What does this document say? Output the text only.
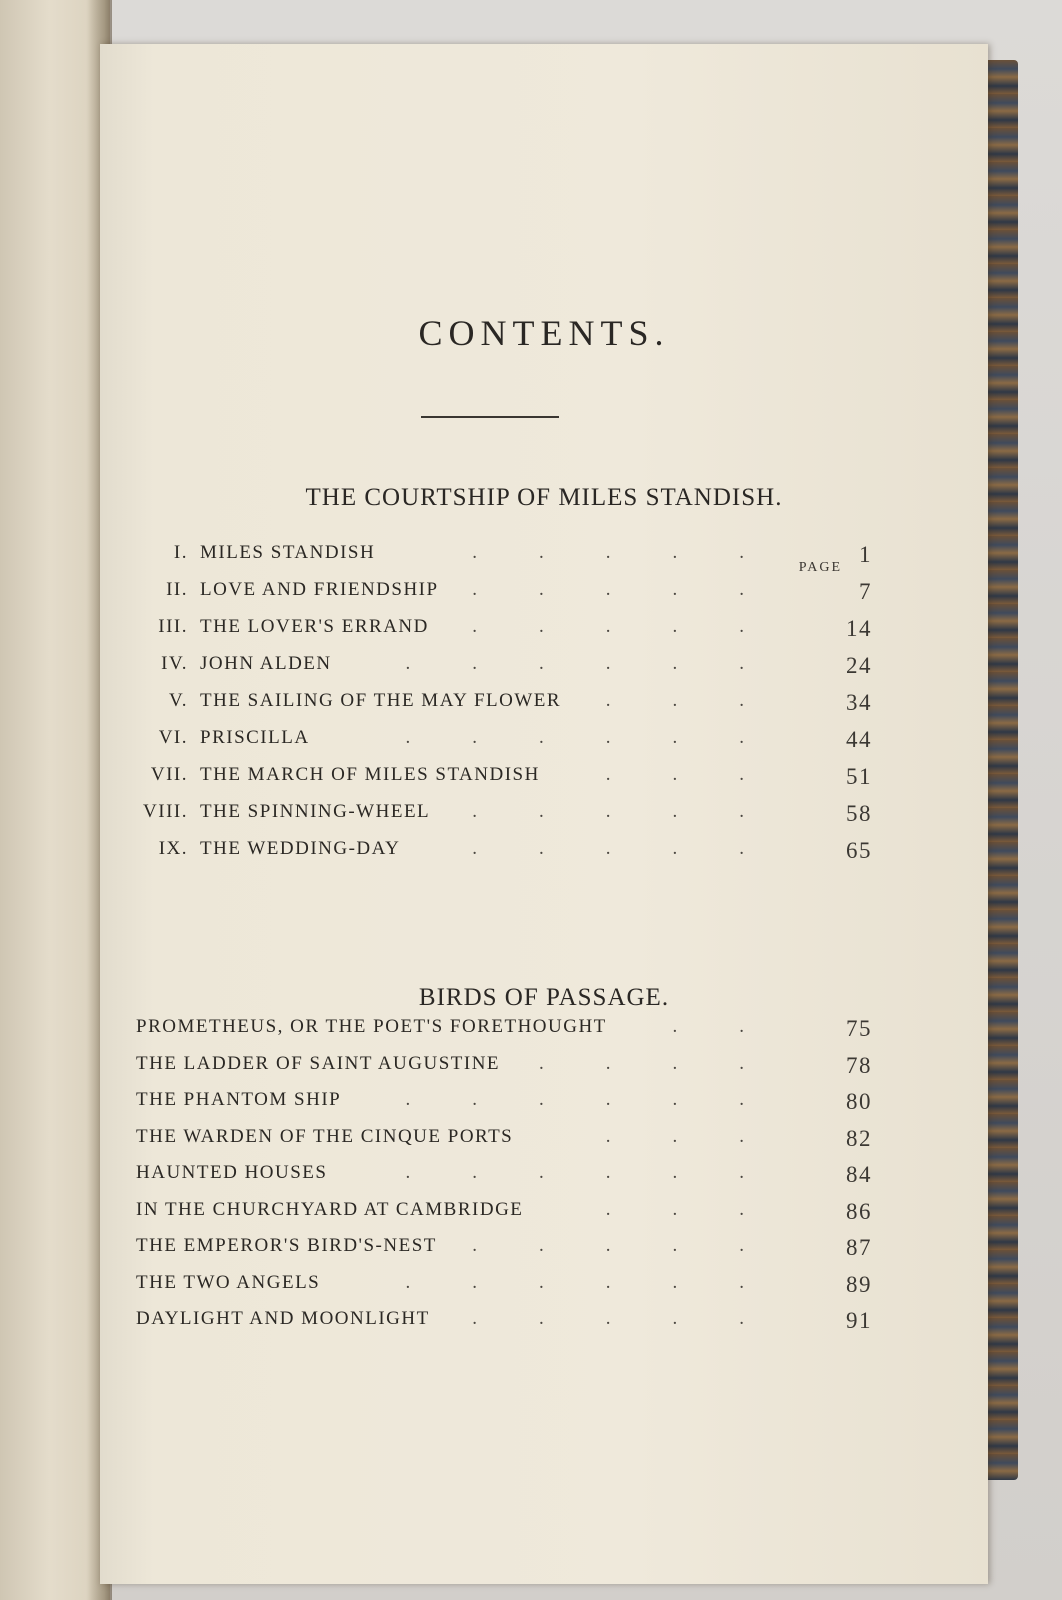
CONTENTS.
THE COURTSHIP OF MILES STANDISH.
PAGE
I. MILES STANDISH	.....	1
II. LOVE AND FRIENDSHIP	.....	7
III. THE LOVER'S ERRAND	.....	14
IV. JOHN ALDEN	......	24
V. THE SAILING OF THE MAY FLOWER	...	34
VI. PRISCILLA	......	44
VII. THE MARCH OF MILES STANDISH	...	51
VIII. THE SPINNING-WHEEL	.....	58
IX. THE WEDDING-DAY	.....	65
BIRDS OF PASSAGE.
PROMETHEUS, OR THE POET'S FORETHOUGHT	..	75
THE LADDER OF SAINT AUGUSTINE	....	78
THE PHANTOM SHIP	......	80
THE WARDEN OF THE CINQUE PORTS	...	82
HAUNTED HOUSES	......	84
IN THE CHURCHYARD AT CAMBRIDGE	...	86
THE EMPEROR'S BIRD'S-NEST	.....	87
THE TWO ANGELS	......	89
DAYLIGHT AND MOONLIGHT	.....	91
